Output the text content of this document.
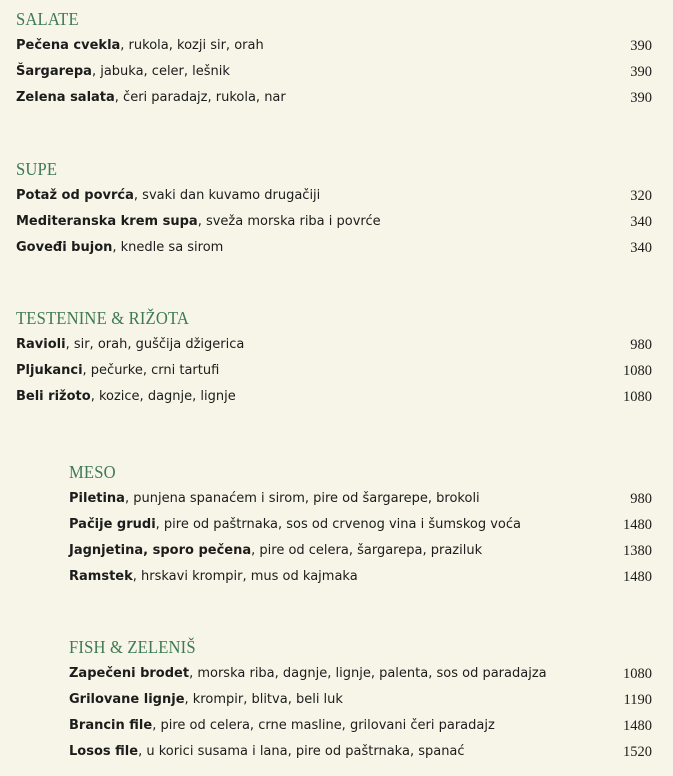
SALATE
Pečena cvekla, rukola, kozji sir, orah	390
Šargarepa, jabuka, celer, lešnik	390
Zelena salata, čeri paradajz, rukola, nar	390
SUPE
Potaž od povrća, svaki dan kuvamo drugačiji	320
Mediteranska krem supa, sveža morska riba i povrće	340
Goveđi bujon, knedle sa sirom	340
TESTENINE & RIŽOTA
Ravioli, sir, orah, guščija džigerica	980
Pljukanci, pečurke, crni tartufi	1080
Beli rižoto, kozice, dagnje, lignje	1080
MESO
Piletina, punjena spanaćem i sirom, pire od šargarepe, brokoli	980
Pačije grudi, pire od paštrnaka, sos od crvenog vina i šumskog voća	1480
Jagnjetina, sporo pečena, pire od celera, šargarepa, praziluk	1380
Ramstek, hrskavi krompir, mus od kajmaka	1480
FISH & ZELENIŠ
Zapečeni brodet, morska riba, dagnje, lignje, palenta, sos od paradajza	1080
Grilovane lignje, krompir, blitva, beli luk	1190
Brancin file, pire od celera, crne masline, grilovani čeri paradajz	1480
Losos file, u korici susama i lana, pire od paštrnaka, spanać	1520
